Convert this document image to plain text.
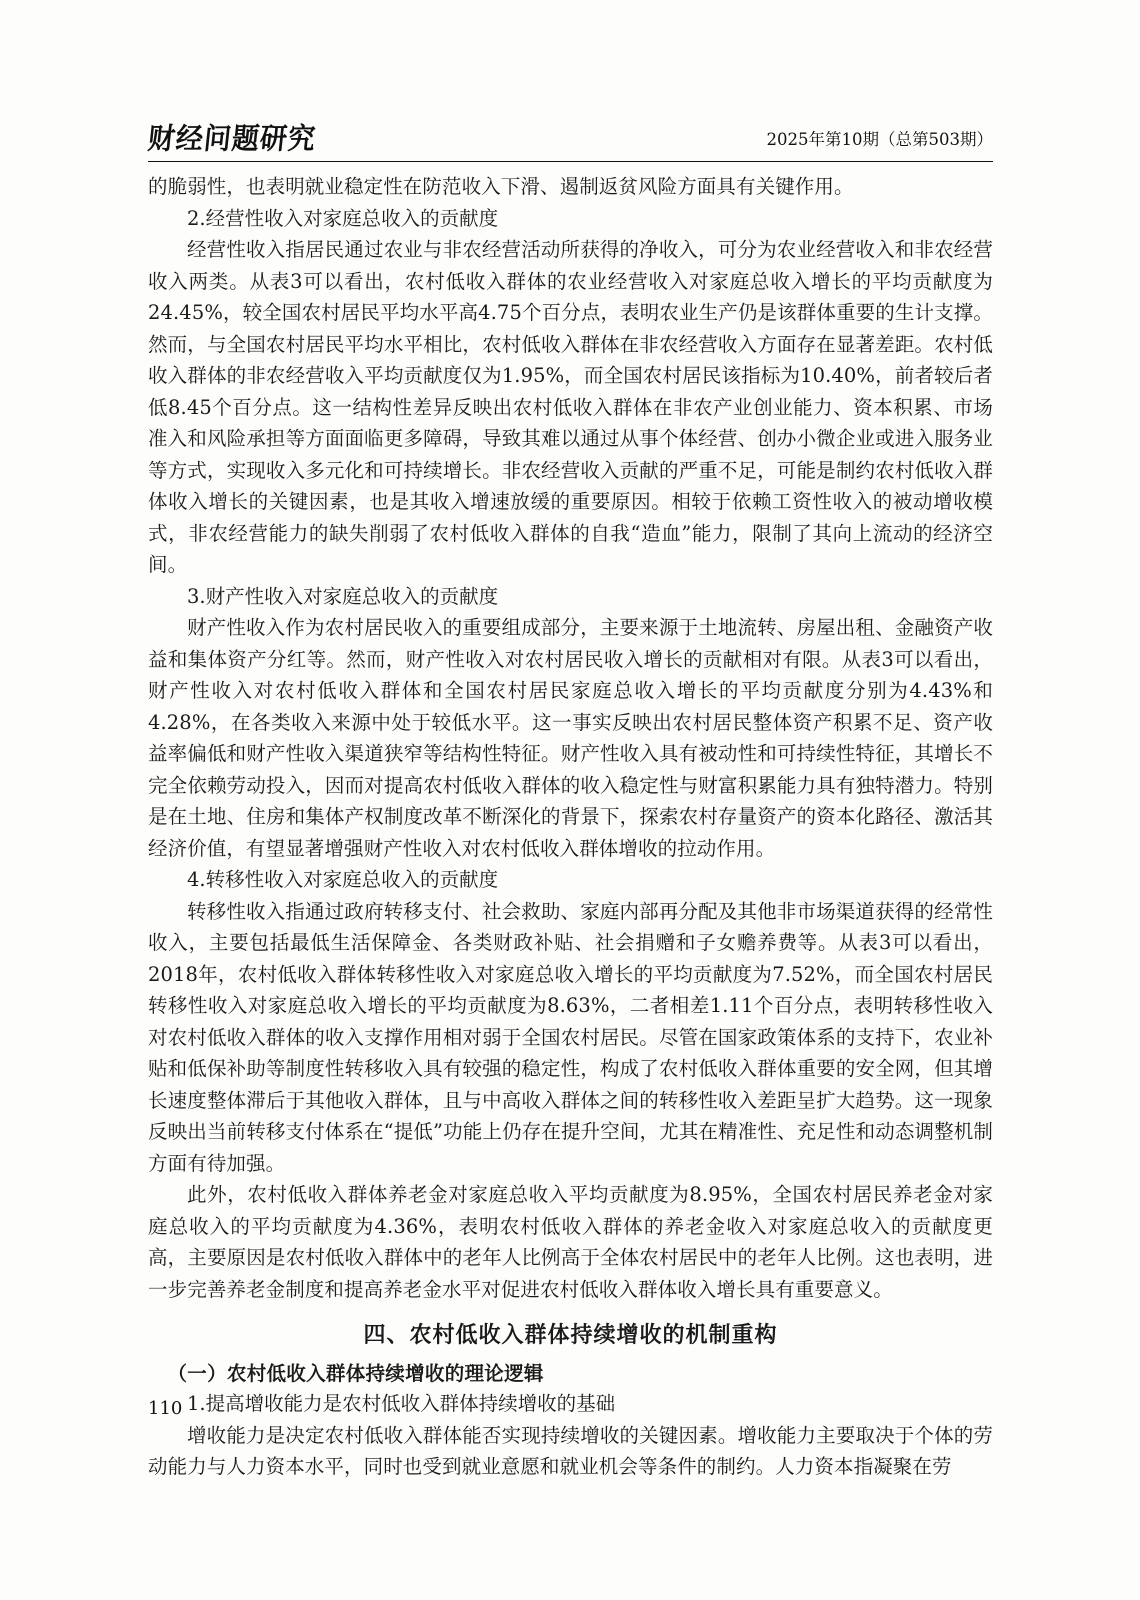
财经问题研究	2025年第10期（总第503期）

的脆弱性，也表明就业稳定性在防范收入下滑、遏制返贫风险方面具有关键作用。

2.经营性收入对家庭总收入的贡献度

经营性收入指居民通过农业与非农经营活动所获得的净收入，可分为农业经营收入和非农经营收入两类。从表3可以看出，农村低收入群体的农业经营收入对家庭总收入增长的平均贡献度为24.45%，较全国农村居民平均水平高4.75个百分点，表明农业生产仍是该群体重要的生计支撑。然而，与全国农村居民平均水平相比，农村低收入群体在非农经营收入方面存在显著差距。农村低收入群体的非农经营收入平均贡献度仅为1.95%，而全国农村居民该指标为10.40%，前者较后者低8.45个百分点。这一结构性差异反映出农村低收入群体在非农产业创业能力、资本积累、市场准入和风险承担等方面面临更多障碍，导致其难以通过从事个体经营、创办小微企业或进入服务业等方式，实现收入多元化和可持续增长。非农经营收入贡献的严重不足，可能是制约农村低收入群体收入增长的关键因素，也是其收入增速放缓的重要原因。相较于依赖工资性收入的被动增收模式，非农经营能力的缺失削弱了农村低收入群体的自我“造血”能力，限制了其向上流动的经济空间。

3.财产性收入对家庭总收入的贡献度

财产性收入作为农村居民收入的重要组成部分，主要来源于土地流转、房屋出租、金融资产收益和集体资产分红等。然而，财产性收入对农村居民收入增长的贡献相对有限。从表3可以看出，财产性收入对农村低收入群体和全国农村居民家庭总收入增长的平均贡献度分别为4.43%和4.28%，在各类收入来源中处于较低水平。这一事实反映出农村居民整体资产积累不足、资产收益率偏低和财产性收入渠道狭窄等结构性特征。财产性收入具有被动性和可持续性特征，其增长不完全依赖劳动投入，因而对提高农村低收入群体的收入稳定性与财富积累能力具有独特潜力。特别是在土地、住房和集体产权制度改革不断深化的背景下，探索农村存量资产的资本化路径、激活其经济价值，有望显著增强财产性收入对农村低收入群体增收的拉动作用。

4.转移性收入对家庭总收入的贡献度

转移性收入指通过政府转移支付、社会救助、家庭内部再分配及其他非市场渠道获得的经常性收入，主要包括最低生活保障金、各类财政补贴、社会捐赠和子女赡养费等。从表3可以看出，2018年，农村低收入群体转移性收入对家庭总收入增长的平均贡献度为7.52%，而全国农村居民转移性收入对家庭总收入增长的平均贡献度为8.63%，二者相差1.11个百分点，表明转移性收入对农村低收入群体的收入支撑作用相对弱于全国农村居民。尽管在国家政策体系的支持下，农业补贴和低保补助等制度性转移收入具有较强的稳定性，构成了农村低收入群体重要的安全网，但其增长速度整体滞后于其他收入群体，且与中高收入群体之间的转移性收入差距呈扩大趋势。这一现象反映出当前转移支付体系在“提低”功能上仍存在提升空间，尤其在精准性、充足性和动态调整机制方面有待加强。

此外，农村低收入群体养老金对家庭总收入平均贡献度为8.95%，全国农村居民养老金对家庭总收入的平均贡献度为4.36%，表明农村低收入群体的养老金收入对家庭总收入的贡献度更高，主要原因是农村低收入群体中的老年人比例高于全体农村居民中的老年人比例。这也表明，进一步完善养老金制度和提高养老金水平对促进农村低收入群体收入增长具有重要意义。

四、农村低收入群体持续增收的机制重构
（一）农村低收入群体持续增收的理论逻辑
1.提高增收能力是农村低收入群体持续增收的基础

增收能力是决定农村低收入群体能否实现持续增收的关键因素。增收能力主要取决于个体的劳动能力与人力资本水平，同时也受到就业意愿和就业机会等条件的制约。人力资本指凝聚在劳

110
